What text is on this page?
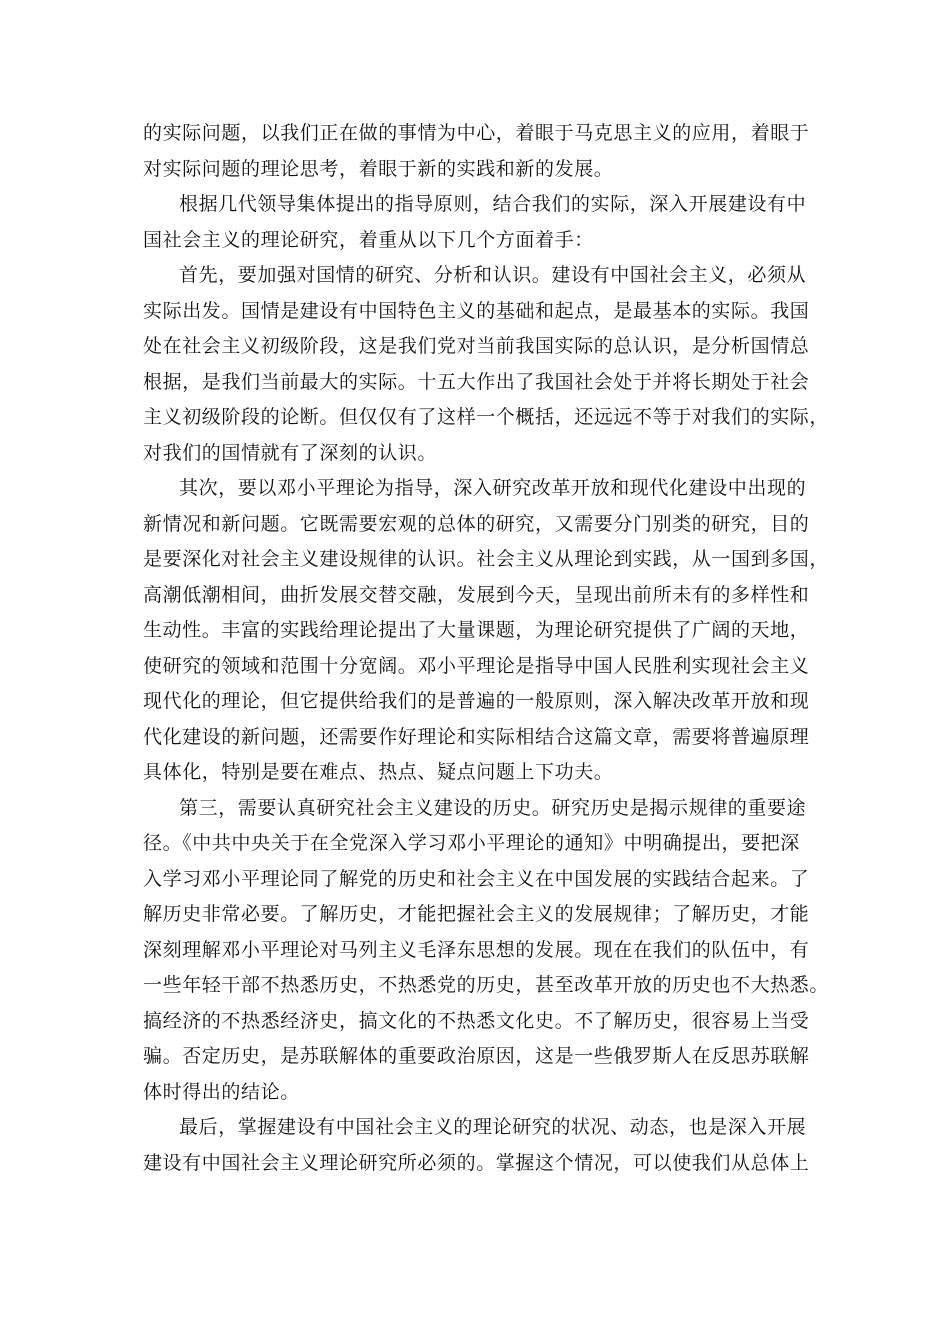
的实际问题，以我们正在做的事情为中心，着眼于马克思主义的应用，着眼于
对实际问题的理论思考，着眼于新的实践和新的发展。
根据几代领导集体提出的指导原则，结合我们的实际，深入开展建设有中
国社会主义的理论研究，着重从以下几个方面着手：
首先，要加强对国情的研究、分析和认识。建设有中国社会主义，必须从
实际出发。国情是建设有中国特色主义的基础和起点，是最基本的实际。我国
处在社会主义初级阶段，这是我们党对当前我国实际的总认识，是分析国情总
根据，是我们当前最大的实际。十五大作出了我国社会处于并将长期处于社会
主义初级阶段的论断。但仅仅有了这样一个概括，还远远不等于对我们的实际，
对我们的国情就有了深刻的认识。
其次，要以邓小平理论为指导，深入研究改革开放和现代化建设中出现的
新情况和新问题。它既需要宏观的总体的研究，又需要分门别类的研究，目的
是要深化对社会主义建设规律的认识。社会主义从理论到实践，从一国到多国，
高潮低潮相间，曲折发展交替交融，发展到今天，呈现出前所未有的多样性和
生动性。丰富的实践给理论提出了大量课题，为理论研究提供了广阔的天地，
使研究的领域和范围十分宽阔。邓小平理论是指导中国人民胜利实现社会主义
现代化的理论，但它提供给我们的是普遍的一般原则，深入解决改革开放和现
代化建设的新问题，还需要作好理论和实际相结合这篇文章，需要将普遍原理
具体化，特别是要在难点、热点、疑点问题上下功夫。
第三，需要认真研究社会主义建设的历史。研究历史是揭示规律的重要途
径。《中共中央关于在全党深入学习邓小平理论的通知》中明确提出，要把深
入学习邓小平理论同了解党的历史和社会主义在中国发展的实践结合起来。了
解历史非常必要。了解历史，才能把握社会主义的发展规律；了解历史，才能
深刻理解邓小平理论对马列主义毛泽东思想的发展。现在在我们的队伍中，有
一些年轻干部不热悉历史，不热悉党的历史，甚至改革开放的历史也不大热悉。
搞经济的不热悉经济史，搞文化的不热悉文化史。不了解历史，很容易上当受
骗。否定历史，是苏联解体的重要政治原因，这是一些俄罗斯人在反思苏联解
体时得出的结论。
最后，掌握建设有中国社会主义的理论研究的状况、动态，也是深入开展
建设有中国社会主义理论研究所必须的。掌握这个情况，可以使我们从总体上
